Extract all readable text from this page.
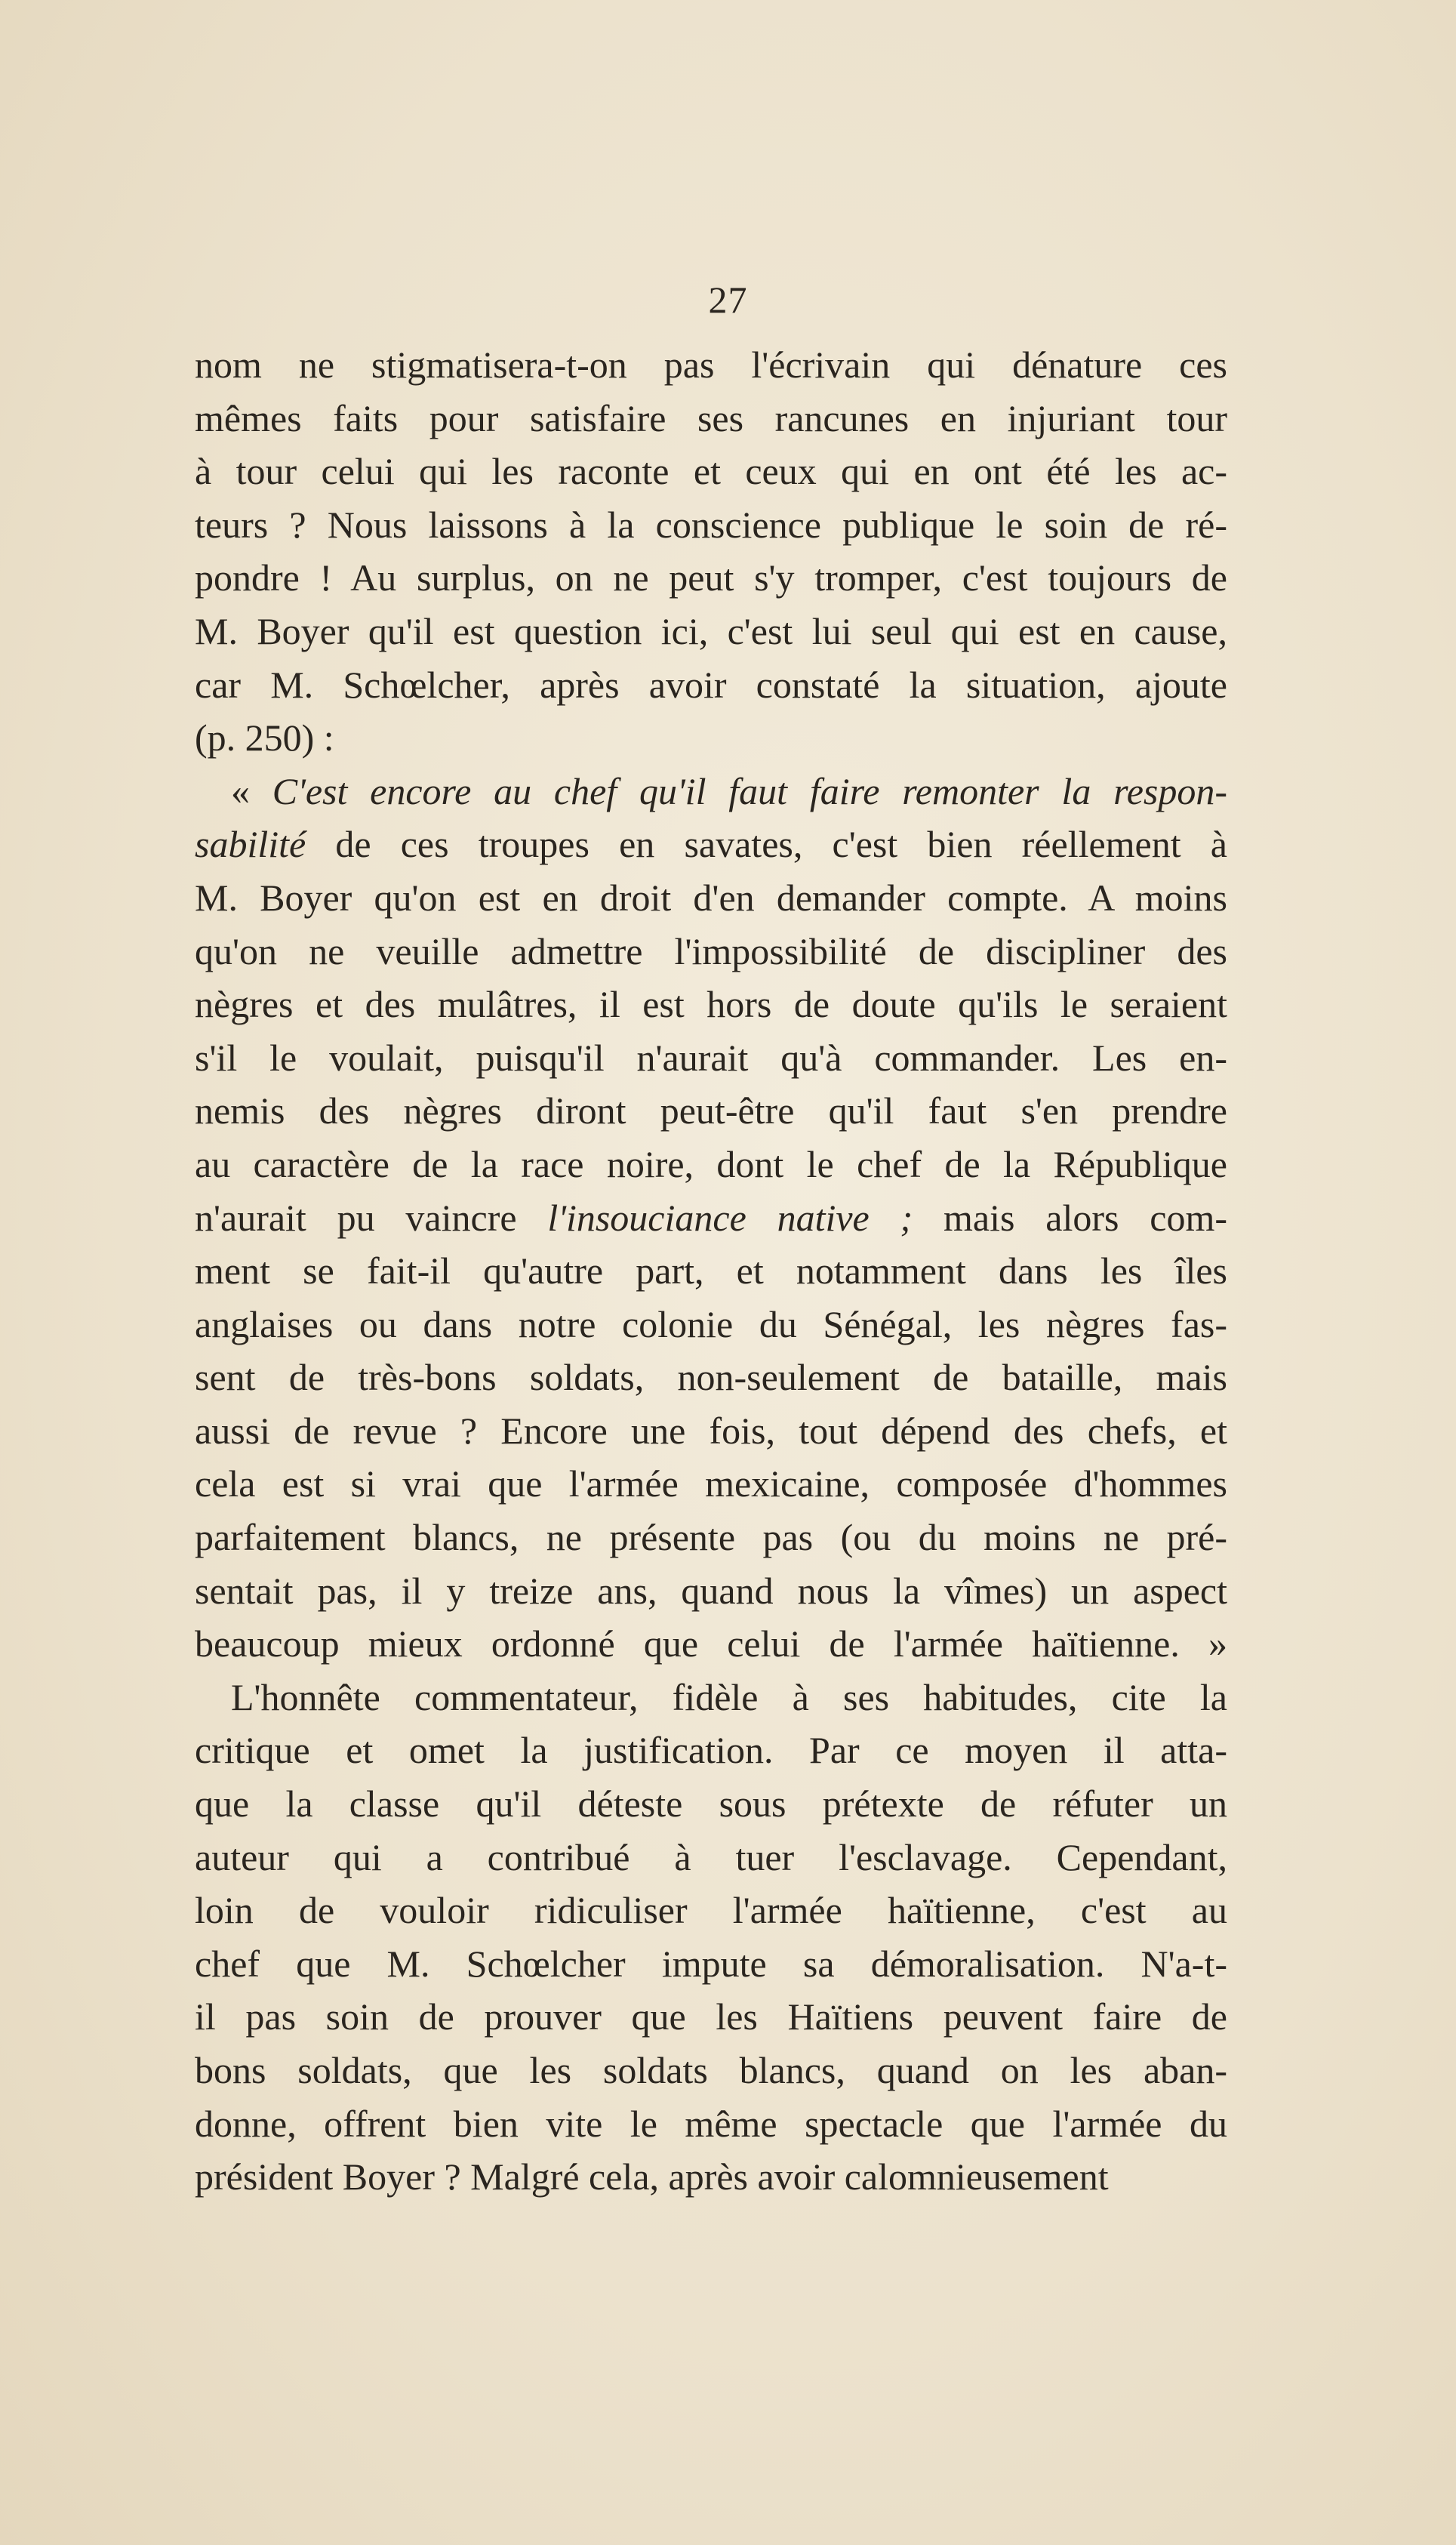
27
nom ne stigmatisera-t-on pas l'écrivain qui dénature ces
mêmes faits pour satisfaire ses rancunes en injuriant tour
à tour celui qui les raconte et ceux qui en ont été les ac-
teurs ? Nous laissons à la conscience publique le soin de ré-
pondre ! Au surplus, on ne peut s'y tromper, c'est toujours de
M. Boyer qu'il est question ici, c'est lui seul qui est en cause,
car M. Schœlcher, après avoir constaté la situation, ajoute
(p. 250) :
« C'est encore au chef qu'il faut faire remonter la respon-
sabilité de ces troupes en savates, c'est bien réellement à
M. Boyer qu'on est en droit d'en demander compte. A moins
qu'on ne veuille admettre l'impossibilité de discipliner des
nègres et des mulâtres, il est hors de doute qu'ils le seraient
s'il le voulait, puisqu'il n'aurait qu'à commander. Les en-
nemis des nègres diront peut-être qu'il faut s'en prendre
au caractère de la race noire, dont le chef de la République
n'aurait pu vaincre l'insouciance native ; mais alors com-
ment se fait-il qu'autre part, et notamment dans les îles
anglaises ou dans notre colonie du Sénégal, les nègres fas-
sent de très-bons soldats, non-seulement de bataille, mais
aussi de revue ? Encore une fois, tout dépend des chefs, et
cela est si vrai que l'armée mexicaine, composée d'hommes
parfaitement blancs, ne présente pas (ou du moins ne pré-
sentait pas, il y treize ans, quand nous la vîmes) un aspect
beaucoup mieux ordonné que celui de l'armée haïtienne. »
L'honnête commentateur, fidèle à ses habitudes, cite la
critique et omet la justification. Par ce moyen il atta-
que la classe qu'il déteste sous prétexte de réfuter un
auteur qui a contribué à tuer l'esclavage. Cependant,
loin de vouloir ridiculiser l'armée haïtienne, c'est au
chef que M. Schœlcher impute sa démoralisation. N'a-t-
il pas soin de prouver que les Haïtiens peuvent faire de
bons soldats, que les soldats blancs, quand on les aban-
donne, offrent bien vite le même spectacle que l'armée du
président Boyer ? Malgré cela, après avoir calomnieusement
